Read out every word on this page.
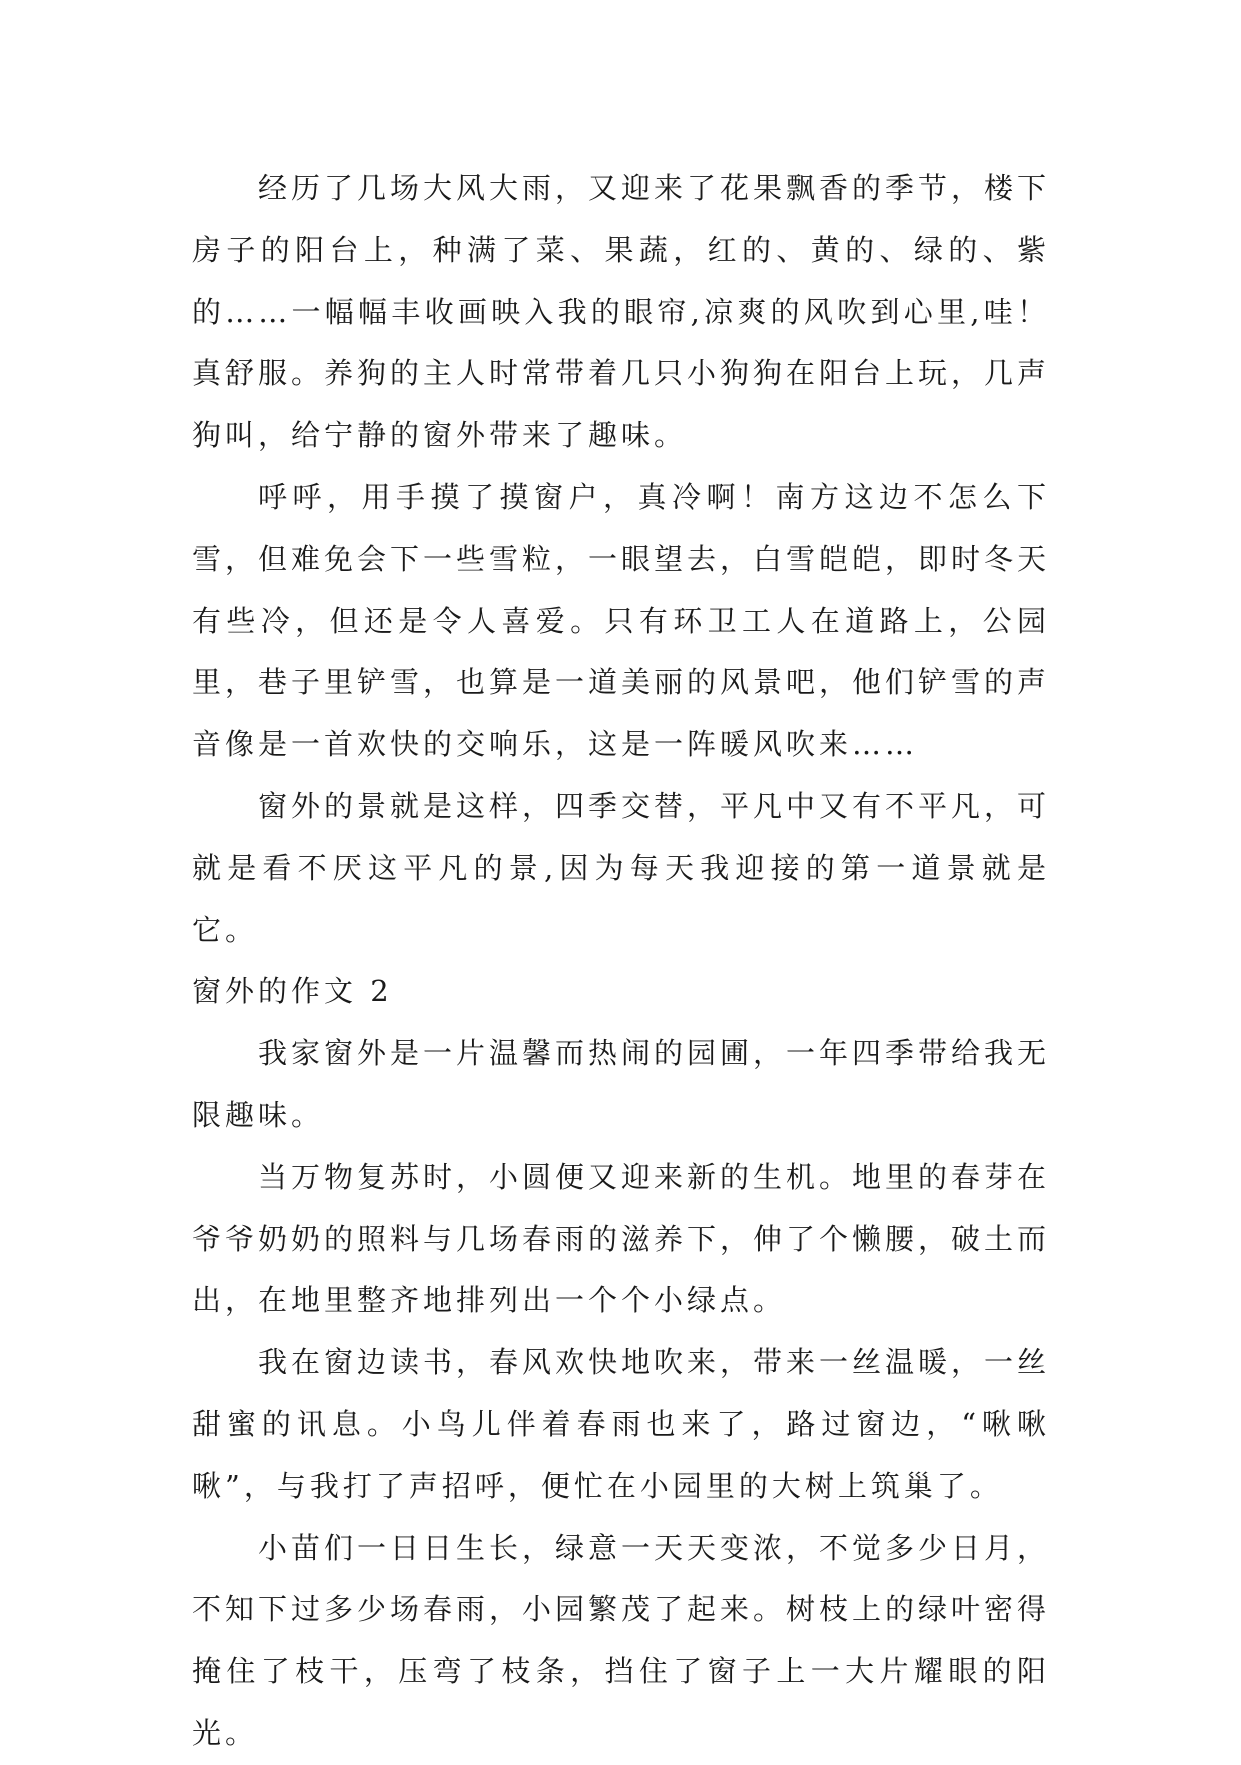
经历了几场大风大雨，又迎来了花果飘香的季节，楼下房子的阳台上，种满了菜、果蔬，红的、黄的、绿的、紫的……一幅幅丰收画映入我的眼帘,凉爽的风吹到心里,哇！真舒服。养狗的主人时常带着几只小狗狗在阳台上玩，几声狗叫，给宁静的窗外带来了趣味。

呼呼，用手摸了摸窗户，真冷啊！南方这边不怎么下雪，但难免会下一些雪粒，一眼望去，白雪皑皑，即时冬天有些冷，但还是令人喜爱。只有环卫工人在道路上，公园里，巷子里铲雪，也算是一道美丽的风景吧，他们铲雪的声音像是一首欢快的交响乐，这是一阵暖风吹来……

窗外的景就是这样，四季交替，平凡中又有不平凡，可就是看不厌这平凡的景,因为每天我迎接的第一道景就是它。

窗外的作文 2

我家窗外是一片温馨而热闹的园圃，一年四季带给我无限趣味。

当万物复苏时，小圆便又迎来新的生机。地里的春芽在爷爷奶奶的照料与几场春雨的滋养下，伸了个懒腰，破土而出，在地里整齐地排列出一个个小绿点。

我在窗边读书，春风欢快地吹来，带来一丝温暖，一丝甜蜜的讯息。小鸟儿伴着春雨也来了，路过窗边，“啾啾啾”，与我打了声招呼，便忙在小园里的大树上筑巢了。

小苗们一日日生长，绿意一天天变浓，不觉多少日月，不知下过多少场春雨，小园繁茂了起来。树枝上的绿叶密得掩住了枝干，压弯了枝条，挡住了窗子上一大片耀眼的阳光。
